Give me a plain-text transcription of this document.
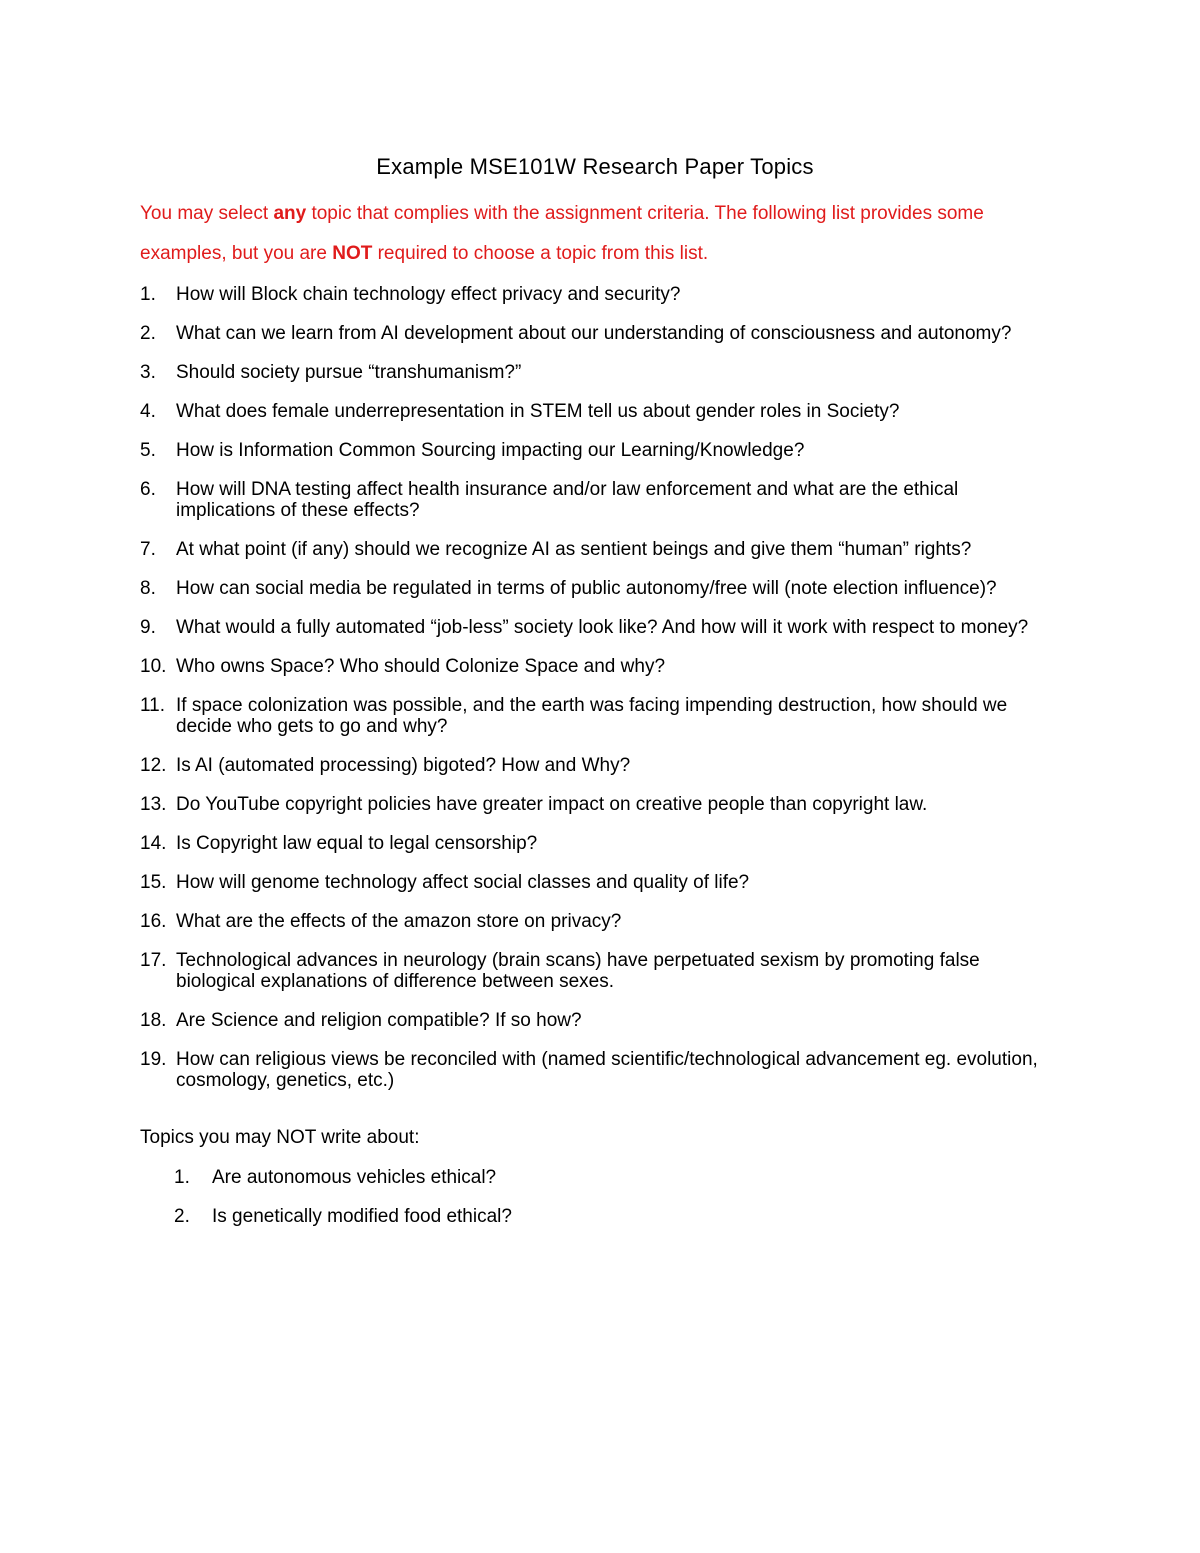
Example MSE101W Research Paper Topics

You may select any topic that complies with the assignment criteria. The following list provides some examples, but you are NOT required to choose a topic from this list.

1.	How will Block chain technology effect privacy and security?
2.	What can we learn from AI development about our understanding of consciousness and autonomy?
3.	Should society pursue “transhumanism?”
4.	What does female underrepresentation in STEM tell us about gender roles in Society?
5.	How is Information Common Sourcing impacting our Learning/Knowledge?
6.	How will DNA testing affect health insurance and/or law enforcement and what are the ethical implications of these effects?
7.	At what point (if any) should we recognize AI as sentient beings and give them “human” rights?
8.	How can social media be regulated in terms of public autonomy/free will (note election influence)?
9.	What would a fully automated “job-less” society look like? And how will it work with respect to money?
10. Who owns Space? Who should Colonize Space and why?
11. If space colonization was possible, and the earth was facing impending destruction, how should we decide who gets to go and why?
12. Is AI (automated processing) bigoted? How and Why?
13. Do YouTube copyright policies have greater impact on creative people than copyright law.
14. Is Copyright law equal to legal censorship?
15. How will genome technology affect social classes and quality of life?
16. What are the effects of the amazon store on privacy?
17. Technological advances in neurology (brain scans) have perpetuated sexism by promoting false biological explanations of difference between sexes.
18. Are Science and religion compatible? If so how?
19. How can religious views be reconciled with (named scientific/technological advancement eg. evolution, cosmology, genetics, etc.)

Topics you may NOT write about:

1.	Are autonomous vehicles ethical?
2.	Is genetically modified food ethical?
